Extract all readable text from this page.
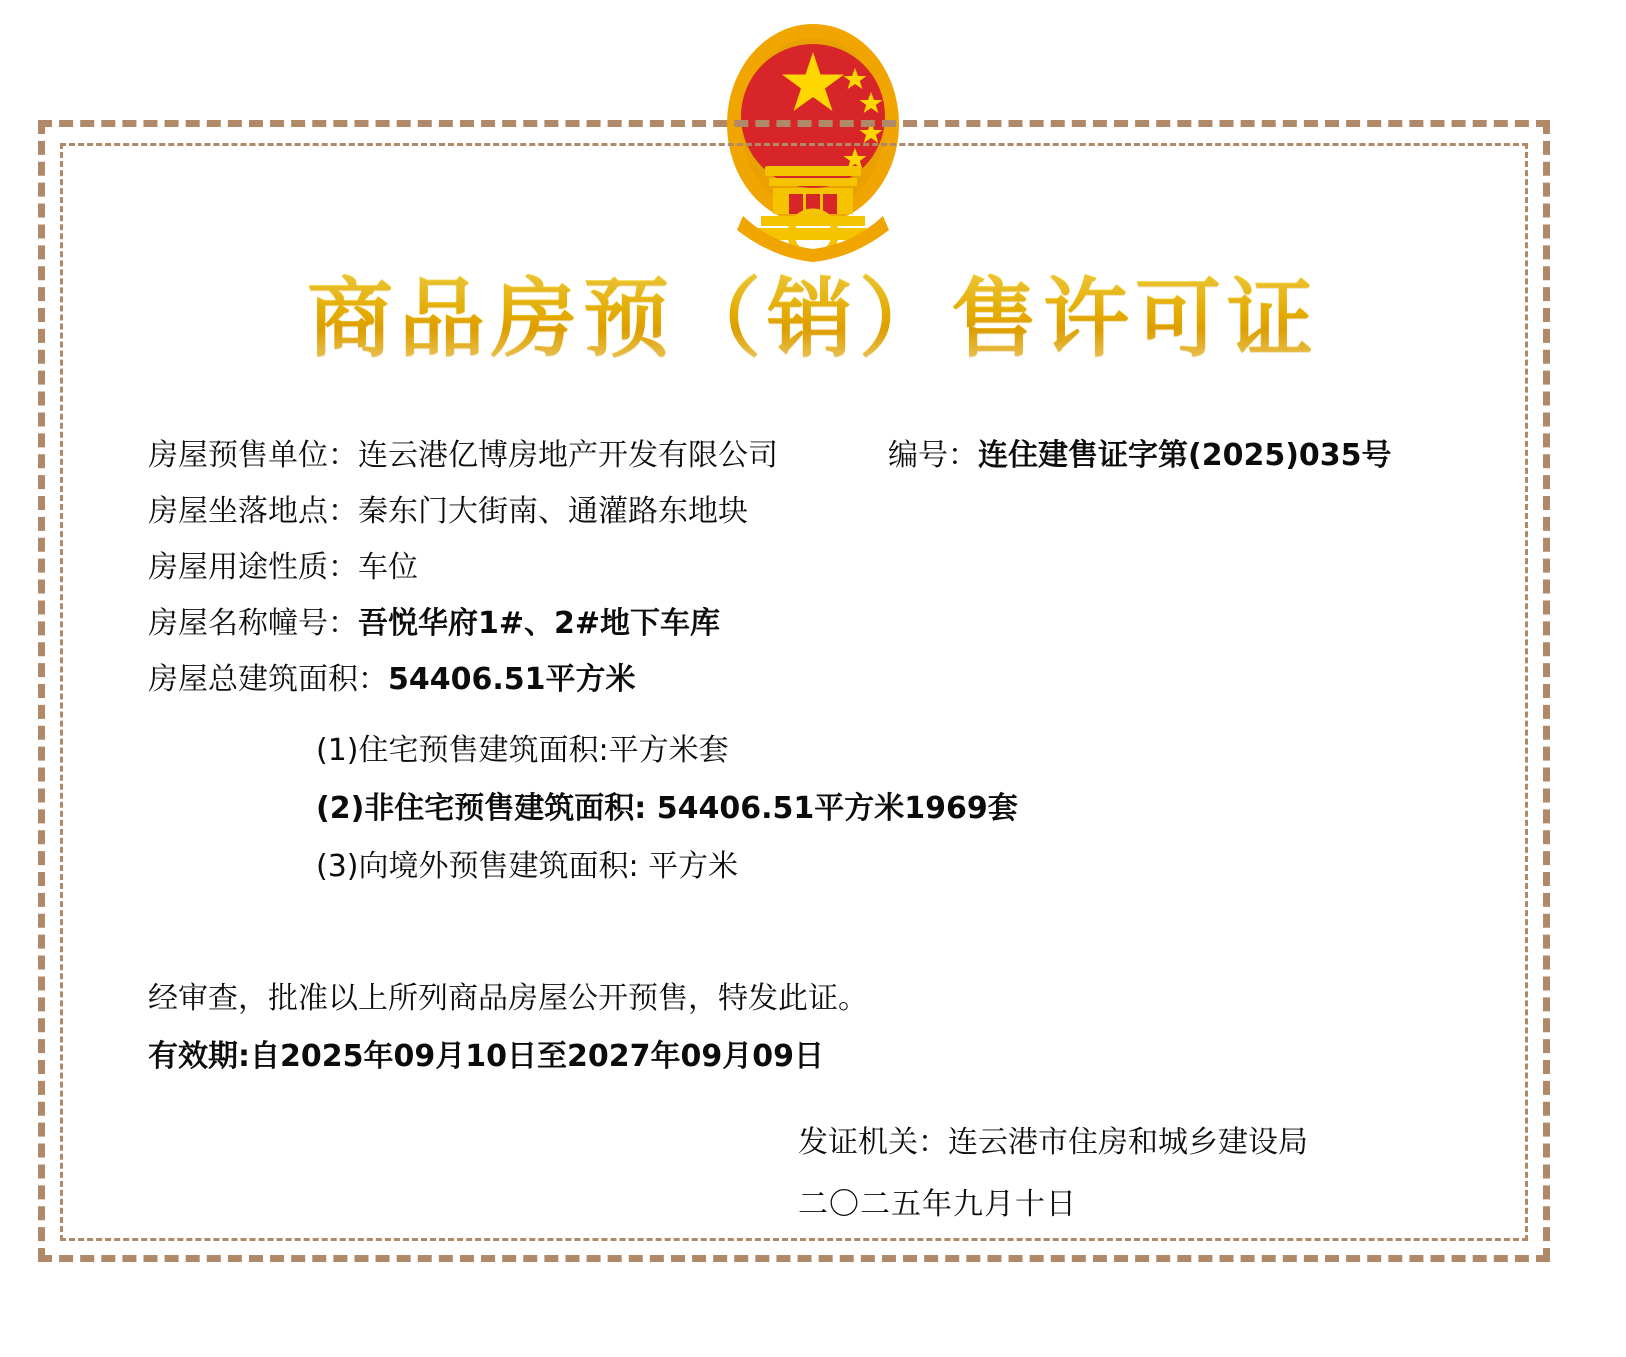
商品房预（销）售许可证
房屋预售单位：连云港亿博房地产开发有限公司	编号：连住建售证字第(2025)035号
房屋坐落地点： 秦东门大街南、通灌路东地块
房屋用途性质： 车位
房屋名称幢号： 吾悦华府1#、2#地下车库
房屋总建筑面积： 54406.51平方米
(1)住宅预售建筑面积:平方米套
(2)非住宅预售建筑面积: 54406.51平方米1969套
(3)向境外预售建筑面积: 平方米
经审查，批准以上所列商品房屋公开预售，特发此证。
有效期:自2025年09月10日至2027年09月09日
发证机关：连云港市住房和城乡建设局
二〇二五年九月十日
